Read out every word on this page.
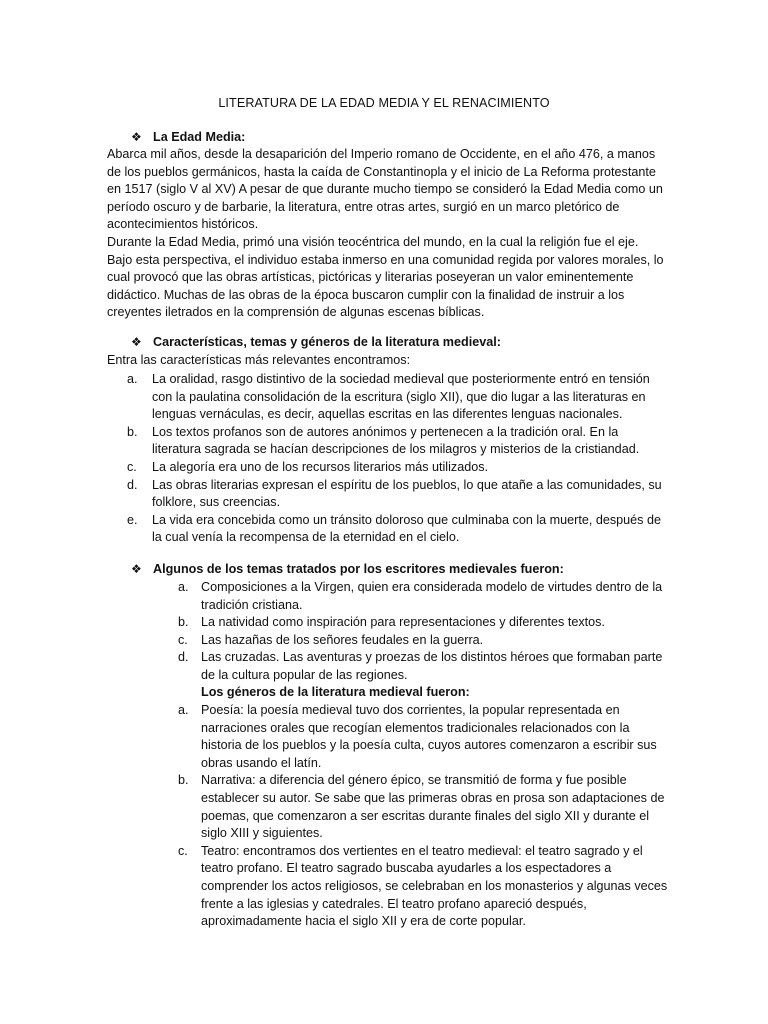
LITERATURA DE LA EDAD MEDIA Y EL RENACIMIENTO
❖ La Edad Media:
Abarca mil años, desde la desaparición del Imperio romano de Occidente, en el año 476, a manos de los pueblos germánicos, hasta la caída de Constantinopla y el inicio de La Reforma protestante en 1517 (siglo V al XV) A pesar de que durante mucho tiempo se consideró la Edad Media como un período oscuro y de barbarie, la literatura, entre otras artes, surgió en un marco pletórico de acontecimientos históricos.
Durante la Edad Media, primó una visión teocéntrica del mundo, en la cual la religión fue el eje. Bajo esta perspectiva, el individuo estaba inmerso en una comunidad regida por valores morales, lo cual provocó que las obras artísticas, pictóricas y literarias poseyeran un valor eminentemente didáctico. Muchas de las obras de la época buscaron cumplir con la finalidad de instruir a los creyentes iletrados en la comprensión de algunas escenas bíblicas.
❖ Características, temas y géneros de la literatura medieval:
Entra las características más relevantes encontramos:
a. La oralidad, rasgo distintivo de la sociedad medieval que posteriormente entró en tensión con la paulatina consolidación de la escritura (siglo XII), que dio lugar a las literaturas en lenguas vernáculas, es decir, aquellas escritas en las diferentes lenguas nacionales.
b. Los textos profanos son de autores anónimos y pertenecen a la tradición oral. En la literatura sagrada se hacían descripciones de los milagros y misterios de la cristiandad.
c. La alegoría era uno de los recursos literarios más utilizados.
d. Las obras literarias expresan el espíritu de los pueblos, lo que atañe a las comunidades, su folklore, sus creencias.
e. La vida era concebida como un tránsito doloroso que culminaba con la muerte, después de la cual venía la recompensa de la eternidad en el cielo.
❖ Algunos de los temas tratados por los escritores medievales fueron:
a. Composiciones a la Virgen, quien era considerada modelo de virtudes dentro de la tradición cristiana.
b. La natividad como inspiración para representaciones y diferentes textos.
c. Las hazañas de los señores feudales en la guerra.
d. Las cruzadas. Las aventuras y proezas de los distintos héroes que formaban parte de la cultura popular de las regiones.
Los géneros de la literatura medieval fueron:
a. Poesía: la poesía medieval tuvo dos corrientes, la popular representada en narraciones orales que recogían elementos tradicionales relacionados con la historia de los pueblos y la poesía culta, cuyos autores comenzaron a escribir sus obras usando el latín.
b. Narrativa: a diferencia del género épico, se transmitió de forma y fue posible establecer su autor. Se sabe que las primeras obras en prosa son adaptaciones de poemas, que comenzaron a ser escritas durante finales del siglo XII y durante el siglo XIII y siguientes.
c. Teatro: encontramos dos vertientes en el teatro medieval: el teatro sagrado y el teatro profano. El teatro sagrado buscaba ayudarles a los espectadores a comprender los actos religiosos, se celebraban en los monasterios y algunas veces frente a las iglesias y catedrales. El teatro profano apareció después, aproximadamente hacia el siglo XII y era de corte popular.
